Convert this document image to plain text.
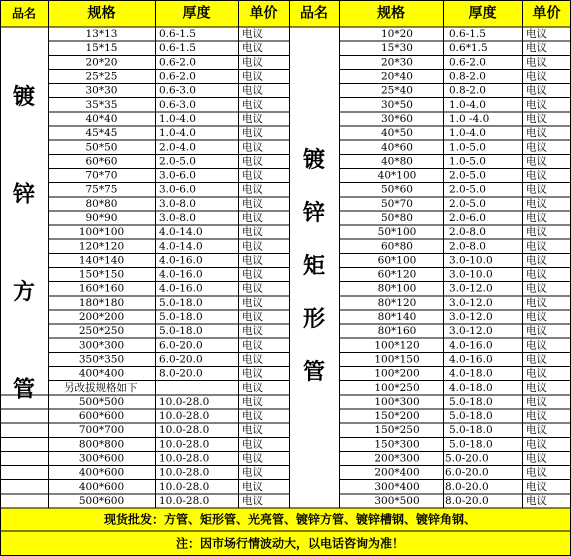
品名	规格	厚度	单价 品名	规格	厚度	单价
13*13	0.6-1.5	电议
15*15	0.6-1.5	电议
20*20	0.6-2.0	电议
25*25	0.6-2.0	电议
30*30	0.6-3.0	电议
35*35	0.6-3.0	电议
40*40	1.0-4.0	电议
45*45	1.0-4.0	电议
50*50	2.0-4.0	电议
60*60	2.0-5.0	电议
70*70	3.0-6.0	电议
75*75	3.0-6.0	电议
80*80	3.0-8.0	电议
90*90	3.0-8.0	电议
100*100	4.0-14.0	电议
120*120	4.0-14.0	电议
140*140	4.0-16.0	电议
150*150	4.0-16.0	电议
160*160	4.0-16.0	电议
180*180	5.0-18.0	电议
200*200	5.0-18.0	电议
250*250	5.0-18.0	电议
300*300	6.0-20.0	电议
350*350	6.0-20.0	电议
400*400	8.0-20.0	电议
另改拔规格如下	电议
500*500	10.0-28.0	电议
600*600	10.0-28.0	电议
700*700	10.0-28.0	电议
800*800	10.0-28.0	电议
300*600	10.0-28.0	电议
400*600	10.0-28.0	电议
400*600	10.0-28.0	电议
500*600	10.0-28.0	电议
镀
锌
方
管
10*20	0.6-1.5	电议
15*30	0.6*1.5	电议
20*30	0.6-2.0	电议
20*40	0.8-2.0	电议
25*40	0.8-2.0	电议
30*50	1.0-4.0	电议
30*60	1.0 -4.0	电议
40*50	1.0-4.0	电议
40*60	1.0-5.0	电议
40*80	1.0-5.0	电议
40*100	2.0-5.0	电议
50*60	2.0-5.0	电议
50*70	2.0-5.0	电议
50*80	2.0-6.0	电议
50*100	2.0-8.0	电议
60*80	2.0-8.0	电议
60*100	3.0-10.0	电议
60*120	3.0-10.0	电议
80*100	3.0-12.0	电议
80*120	3.0-12.0	电议
80*140	3.0-12.0	电议
80*160	3.0-12.0	电议
100*120	4.0-16.0	电议
100*150	4.0-16.0	电议
100*200	4.0-18.0	电议
100*250	4.0-18.0	电议
100*300	5.0-18.0	电议
150*200	5.0-18.0	电议
150*250	5.0-18.0	电议
150*300	5.0-18.0	电议
200*300 5.0-20.0	电议
200*400 6.0-20.0	电议
300*400 8.0-20.0	电议
300*500 8.0-20.0	电议
镀
锌
矩
形
管
现货批发：方管、矩形管、光亮管、镀锌方管、镀锌槽钢、镀锌角钢、
注：因市场行情波动大，以电话咨询为准！
